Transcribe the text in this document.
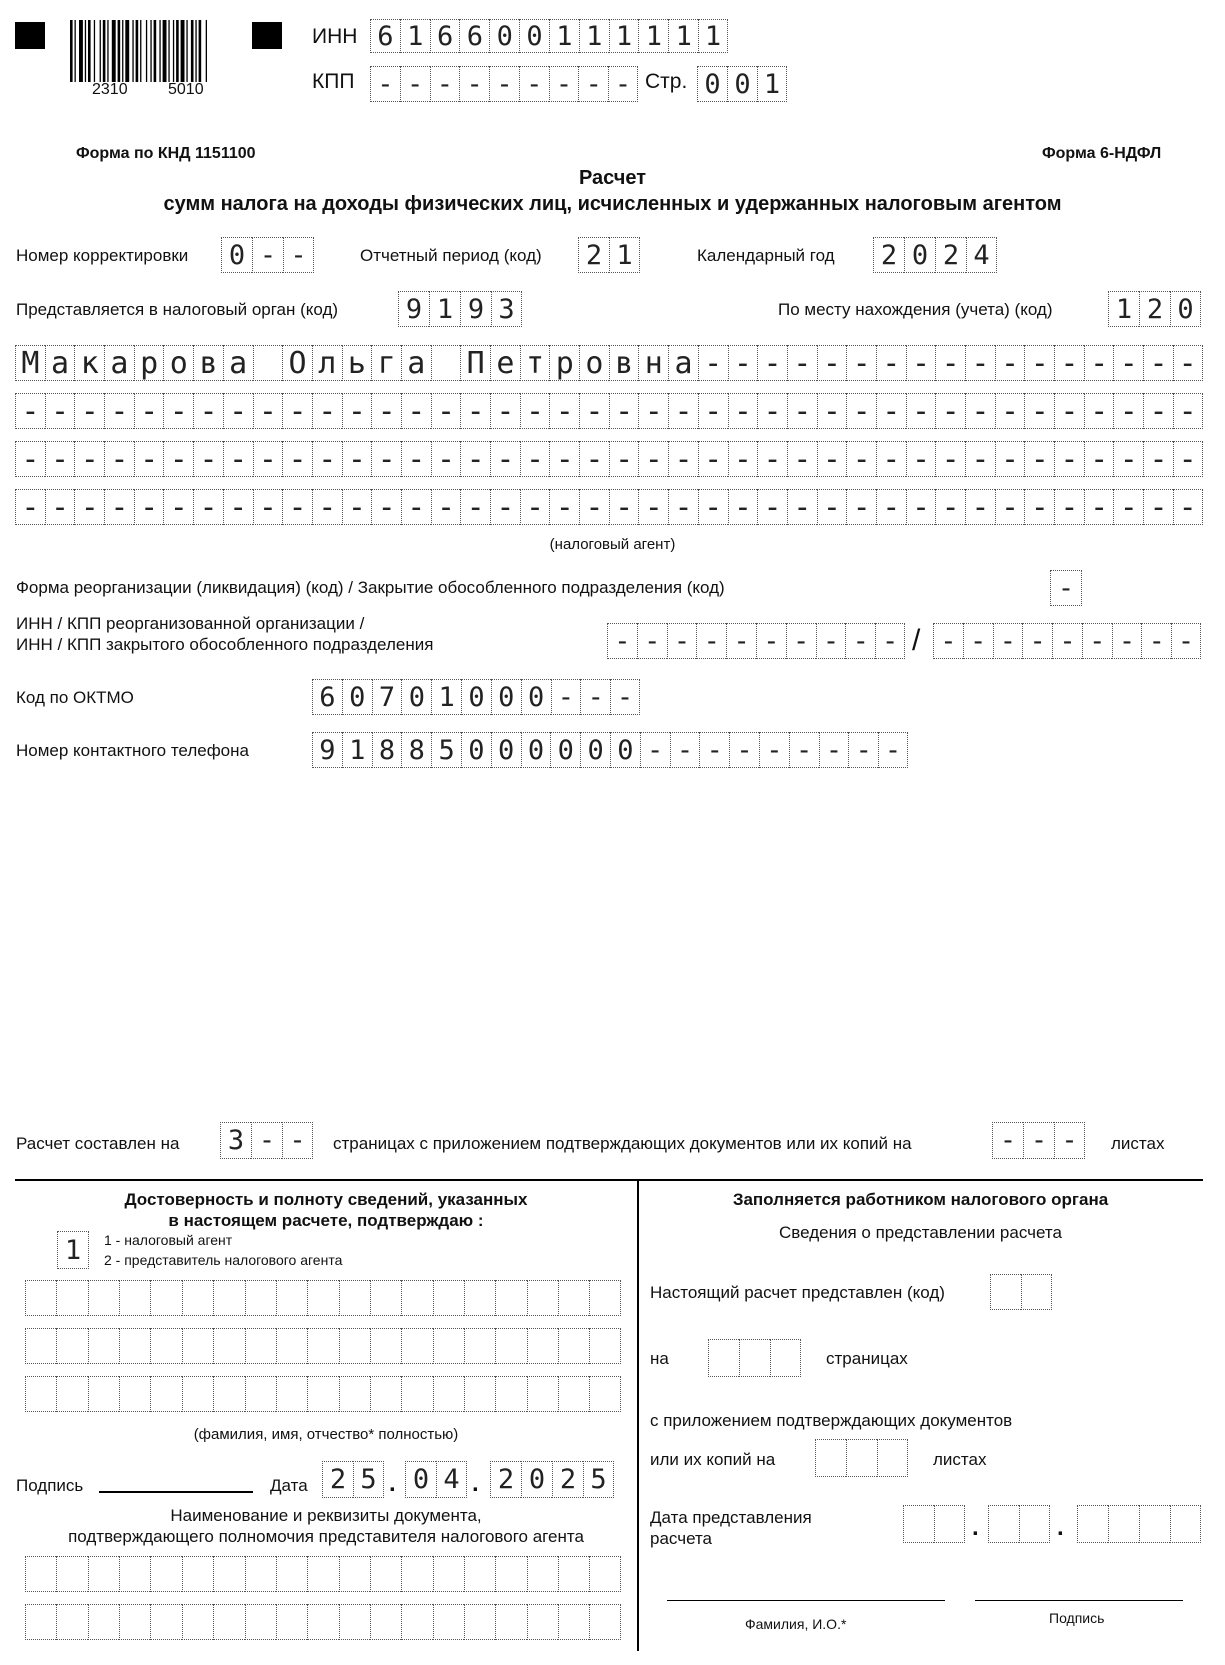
2310	5010
ИНН 6 1 6 6 0 0 1 1 1 1 1 1
КПП - - - - - - - - - Стр. 0 0 1
Форма по КНД 1151100	Форма 6-НДФЛ
Расчет
сумм налога на доходы физических лиц, исчисленных и удержанных налоговым агентом
Номер корректировки 0 - -	Отчетный период (код) 2 1	Календарный год 2 0 2 4
Представляется в налоговый орган (код)	9 1 9 3	По месту нахождения (учета) (код) 1 2 0
М а к а р о в а О л ь г а П е т р о в н а - - - - - - - - - - - - - - - - -
- - - - - - - - - - - - - - - - - - - - - - - - - - - - - - - - - - - - - - - -
- - - - - - - - - - - - - - - - - - - - - - - - - - - - - - - - - - - - - - - -
- - - - - - - - - - - - - - - - - - - - - - - - - - - - - - - - - - - - - - - -
(налоговый агент)
Форма реорганизации (ликвидация) (код) / Закрытие обособленного подразделения (код)	-
ИНН / КПП реорганизованной организации /
ИНН / КПП закрытого обособленного подразделения	- - - - - - - - - - / - - - - - - - - -
Код по ОКТМО	6 0 7 0 1 0 0 0 - - -
Номер контактного телефона	9 1 8 8 5 0 0 0 0 0 0 - - - - - - - - -
Расчет составлен на 3 - -	страницах с приложением подтверждающих документов или их копий на	- - -	листах
Достоверность и полноту сведений, указанных
в настоящем расчете, подтверждаю :
1	1 - налоговый агент
2 - представитель налогового агента
(фамилия, имя, отчество* полностью)
Подпись	Дата 2 5 . 0 4 . 2 0 2 5
Наименование и реквизиты документа,
подтверждающего полномочия представителя налогового агента
Заполняется работником налогового органа
Сведения о представлении расчета
Настоящий расчет представлен (код)
на	страницах
с приложением подтверждающих документов
или их копий на	листах
Дата представления
расчета	.	.
Фамилия, И.О.*	Подпись
